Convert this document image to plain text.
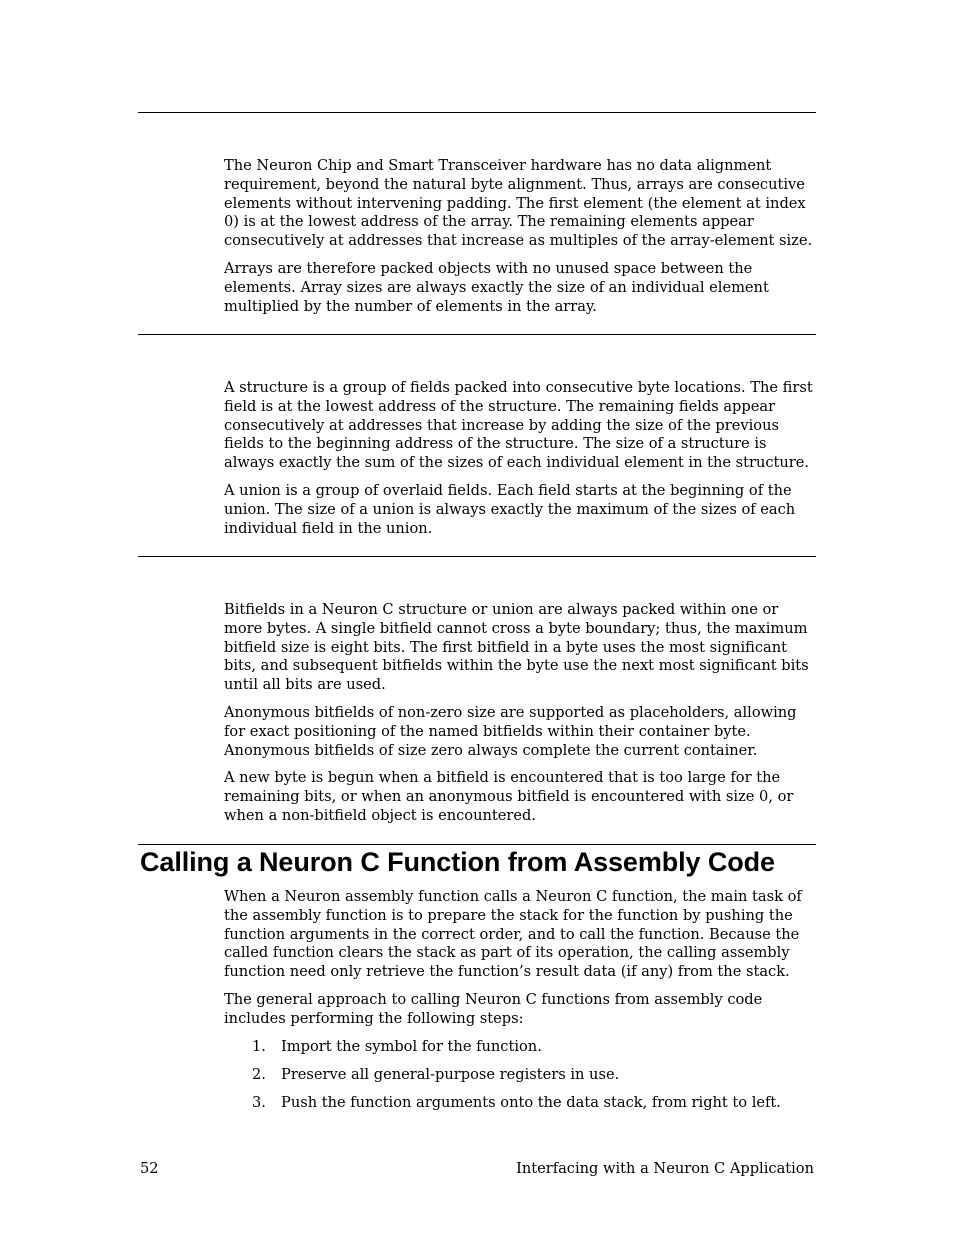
The Neuron Chip and Smart Transceiver hardware has no data alignment requirement, beyond the natural byte alignment. Thus, arrays are consecutive elements without intervening padding. The first element (the element at index 0) is at the lowest address of the array. The remaining elements appear consecutively at addresses that increase as multiples of the array-element size.

Arrays are therefore packed objects with no unused space between the elements. Array sizes are always exactly the size of an individual element multiplied by the number of elements in the array.

A structure is a group of fields packed into consecutive byte locations. The first field is at the lowest address of the structure. The remaining fields appear consecutively at addresses that increase by adding the size of the previous fields to the beginning address of the structure. The size of a structure is always exactly the sum of the sizes of each individual element in the structure.

A union is a group of overlaid fields. Each field starts at the beginning of the union. The size of a union is always exactly the maximum of the sizes of each individual field in the union.

Bitfields in a Neuron C structure or union are always packed within one or more bytes. A single bitfield cannot cross a byte boundary; thus, the maximum bitfield size is eight bits. The first bitfield in a byte uses the most significant bits, and subsequent bitfields within the byte use the next most significant bits until all bits are used.

Anonymous bitfields of non-zero size are supported as placeholders, allowing for exact positioning of the named bitfields within their container byte. Anonymous bitfields of size zero always complete the current container.

A new byte is begun when a bitfield is encountered that is too large for the remaining bits, or when an anonymous bitfield is encountered with size 0, or when a non-bitfield object is encountered.

Calling a Neuron C Function from Assembly Code

When a Neuron assembly function calls a Neuron C function, the main task of the assembly function is to prepare the stack for the function by pushing the function arguments in the correct order, and to call the function. Because the called function clears the stack as part of its operation, the calling assembly function need only retrieve the function’s result data (if any) from the stack.

The general approach to calling Neuron C functions from assembly code includes performing the following steps:

1. Import the symbol for the function.
2. Preserve all general-purpose registers in use.
3. Push the function arguments onto the data stack, from right to left.
52	Interfacing with a Neuron C Application
